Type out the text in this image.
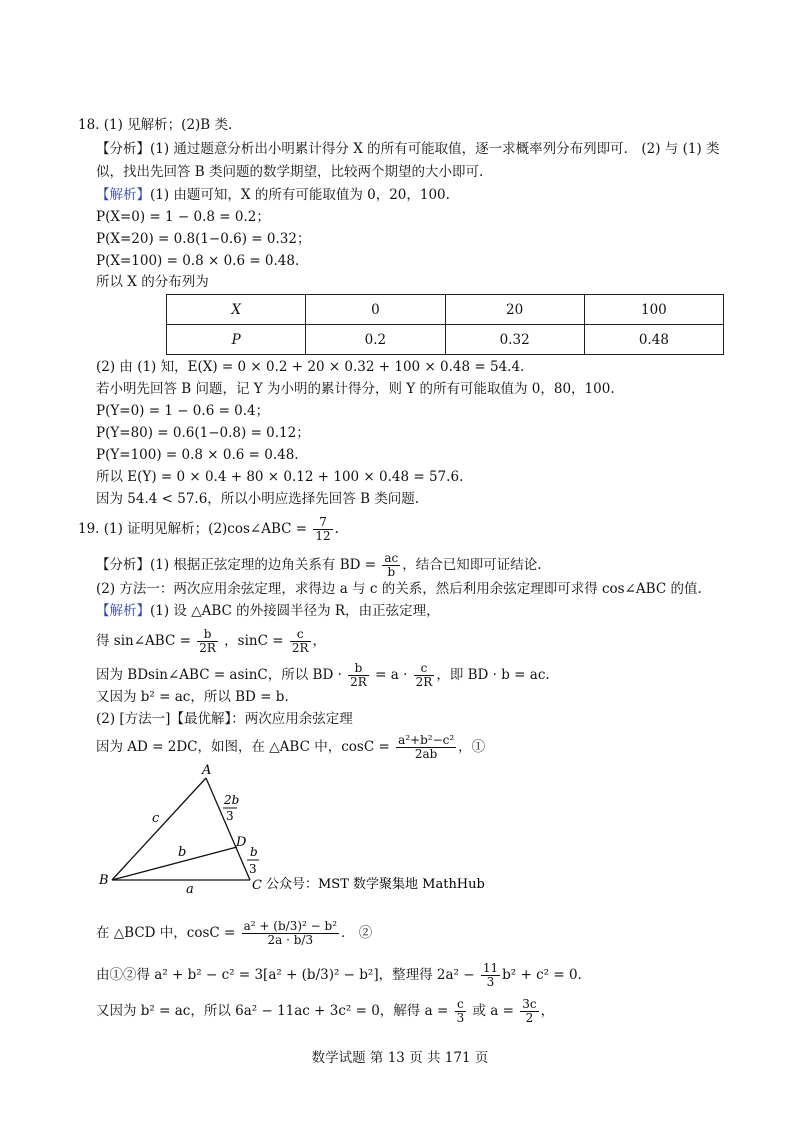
18. (1) 见解析；(2)B 类.
【分析】(1) 通过题意分析出小明累计得分 X 的所有可能取值，逐一求概率列分布列即可． (2) 与 (1) 类
似，找出先回答 B 类问题的数学期望，比较两个期望的大小即可.
【解析】(1) 由题可知，X 的所有可能取值为 0，20，100.
P(X=0) = 1 − 0.8 = 0.2；
P(X=20) = 0.8(1−0.6) = 0.32；
P(X=100) = 0.8 × 0.6 = 0.48.
所以 X 的分布列为
X	0	20	100
P	0.2	0.32	0.48
(2) 由 (1) 知，E(X) = 0 × 0.2 + 20 × 0.32 + 100 × 0.48 = 54.4.
若小明先回答 B 问题，记 Y 为小明的累计得分，则 Y 的所有可能取值为 0，80，100.
P(Y=0) = 1 − 0.6 = 0.4；
P(Y=80) = 0.6(1−0.8) = 0.12；
P(Y=100) = 0.8 × 0.6 = 0.48.
所以 E(Y) = 0 × 0.4 + 80 × 0.12 + 100 × 0.48 = 57.6.
因为 54.4 < 57.6，所以小明应选择先回答 B 类问题.
19. (1) 证明见解析；(2)cos∠ABC = $\frac{7}{12}$ .
【分析】(1) 根据正弦定理的边角关系有 BD = $\frac{ac}{b}$ ，结合已知即可证结论.
(2) 方法一：两次应用余弦定理，求得边 a 与 c 的关系，然后利用余弦定理即可求得 cos∠ABC 的值.
【解析】(1) 设 △ABC 的外接圆半径为 R，由正弦定理，
得 sin∠ABC = $\frac{b}{2R}$ ，$\sin C = \frac{c}{2R}$ ，
因为 BDsin∠ABC = asinC，所以 BD · $\frac{b}{2R} = a \cdot \frac{c}{2R}$ ，即 BD · b = ac.
又因为 b² = ac，所以 BD = b.
(2) [方法一]【最优解】：两次应用余弦定理
因为 AD = 2DC，如图，在 △ABC 中，$\cos C = \frac{\text{a²+b²−c²}}{2ab}$ ，①
A
B	C
D
c
b
a
2b
3
b
3
公众号：MST 数学聚集地 MathHub
在 △BCD 中，$\cos C = \frac{\text{a² + (b/3)² − b²}}{2a \cdot b/3}$ ． ②
由①②得 a² + b² − c² = 3[a² + (b/3)² − b²]，整理得 $2a^2 - \frac{11}{3} b^2 + c^2 = 0$.
又因为 b² = ac，所以 6a² − 11ac + 3c² = 0，解得 $a = \frac{c}{3}$ 或 $a = \frac{3c}{2}$ ，
数学试题 第 13 页 共 171 页
